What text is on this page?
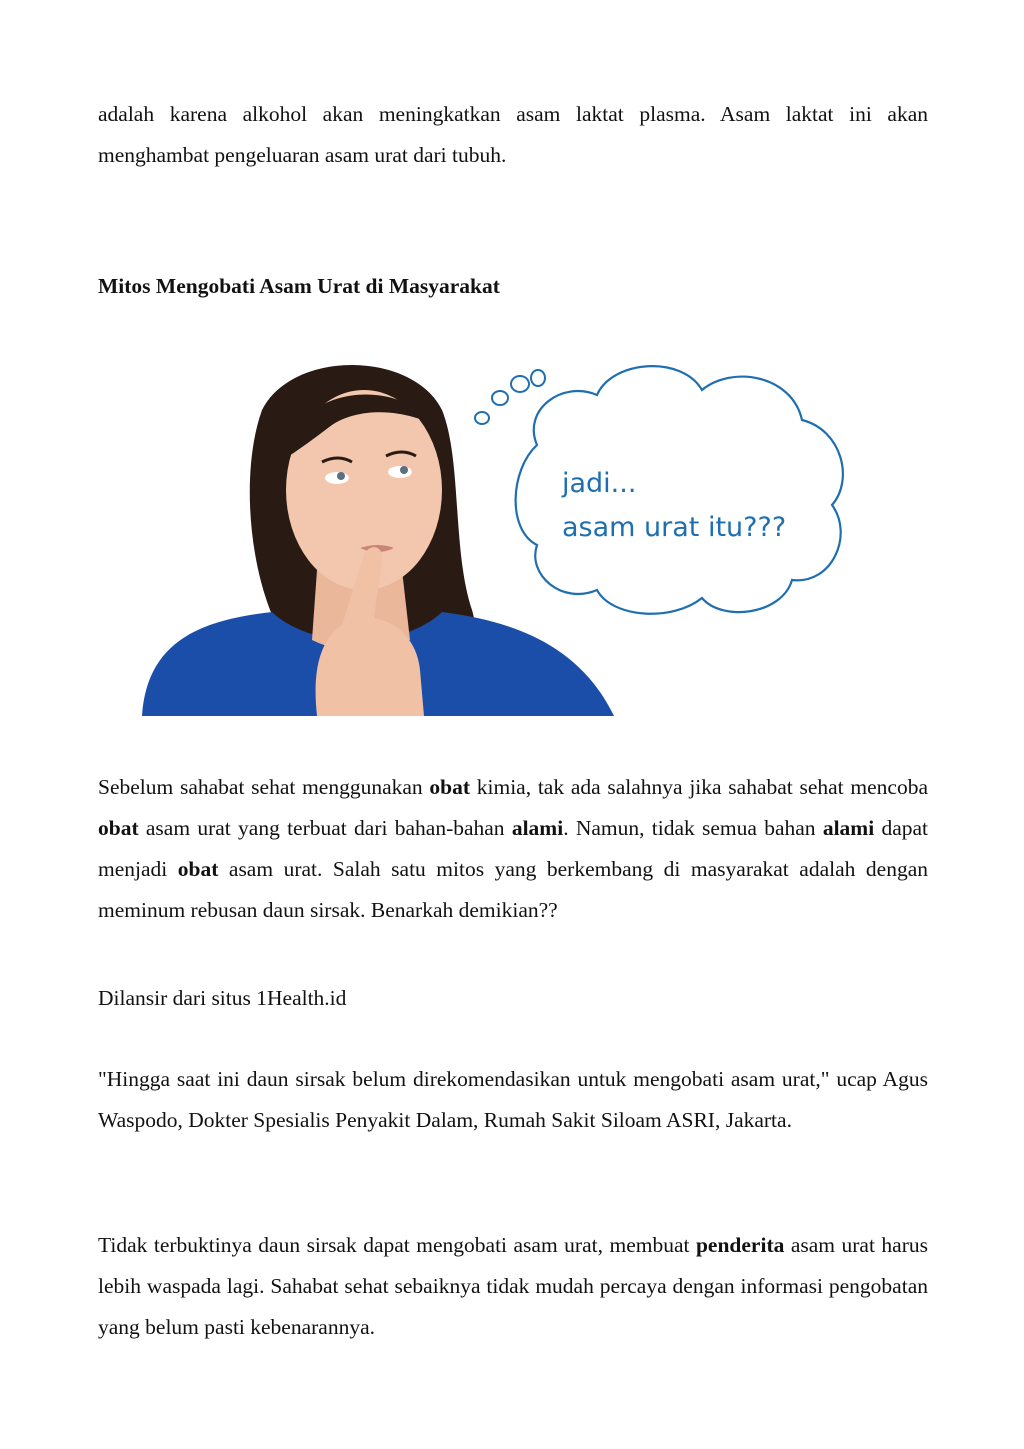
adalah karena alkohol akan meningkatkan asam laktat plasma. Asam laktat ini akan
menghambat pengeluaran asam urat dari tubuh.
Mitos Mengobati Asam Urat di Masyarakat
jadi...
asam urat itu???

Sebelum sahabat sehat menggunakan obat kimia, tak ada salahnya jika sahabat sehat mencoba obat asam urat yang terbuat dari bahan-bahan alami. Namun, tidak semua bahan alami dapat menjadi obat asam urat. Salah satu mitos yang berkembang di masyarakat adalah dengan meminum rebusan daun sirsak. Benarkah demikian??

Dilansir dari situs 1Health.id

"Hingga saat ini daun sirsak belum direkomendasikan untuk mengobati asam urat," ucap Agus Waspodo, Dokter Spesialis Penyakit Dalam, Rumah Sakit Siloam ASRI, Jakarta.

Tidak terbuktinya daun sirsak dapat mengobati asam urat, membuat penderita asam urat harus lebih waspada lagi. Sahabat sehat sebaiknya tidak mudah percaya dengan informasi pengobatan yang belum pasti kebenarannya.
